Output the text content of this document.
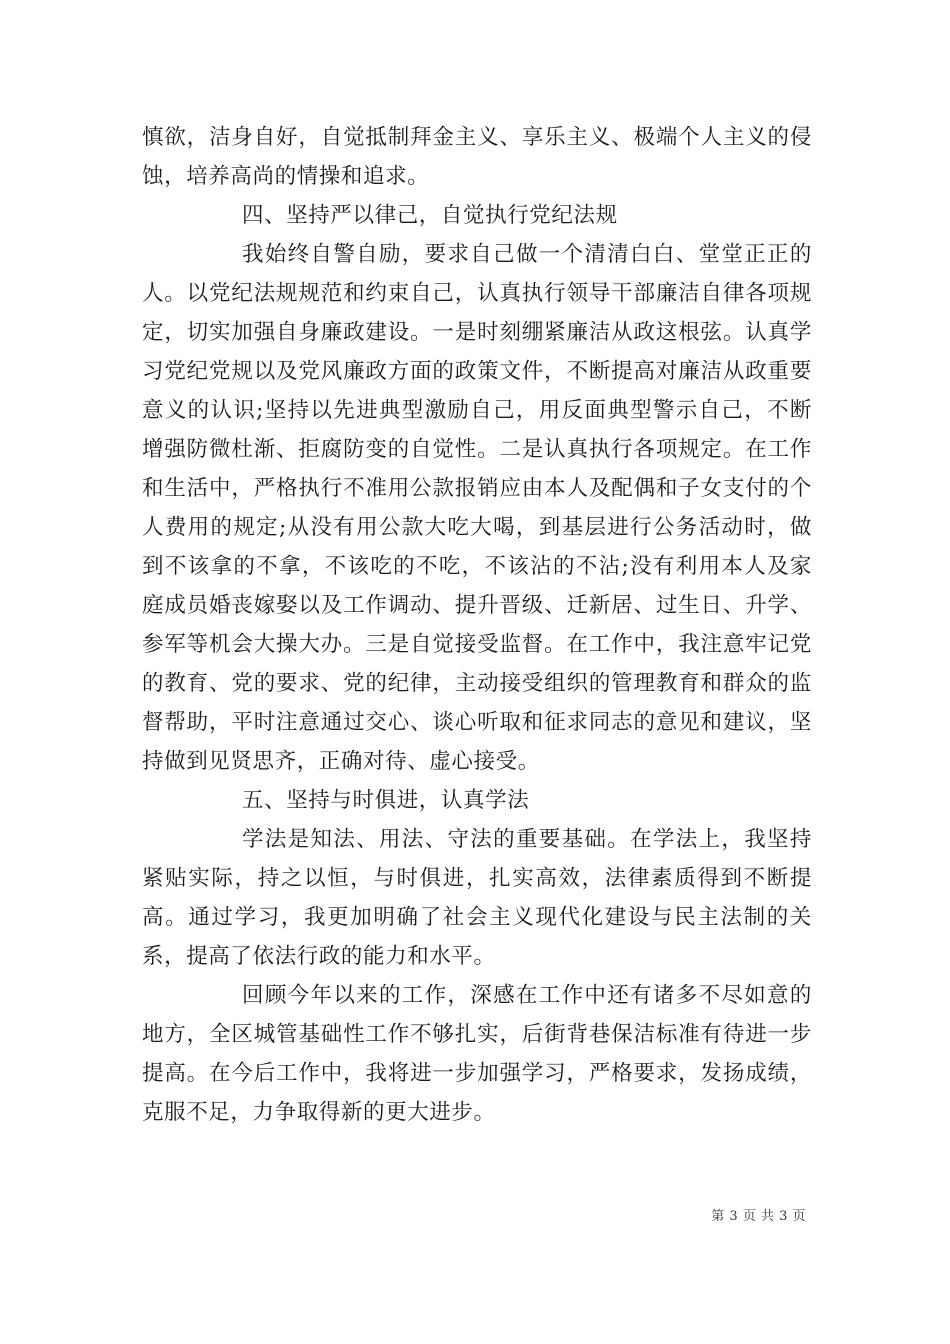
慎欲，洁身自好，自觉抵制拜金主义、享乐主义、极端个人主义的侵蚀，培养高尚的情操和追求。

四、坚持严以律己，自觉执行党纪法规

我始终自警自励，要求自己做一个清清白白、堂堂正正的人。以党纪法规规范和约束自己，认真执行领导干部廉洁自律各项规定，切实加强自身廉政建设。一是时刻绷紧廉洁从政这根弦。认真学习党纪党规以及党风廉政方面的政策文件，不断提高对廉洁从政重要意义的认识;坚持以先进典型激励自己，用反面典型警示自己，不断增强防微杜渐、拒腐防变的自觉性。二是认真执行各项规定。在工作和生活中，严格执行不准用公款报销应由本人及配偶和子女支付的个人费用的规定;从没有用公款大吃大喝，到基层进行公务活动时，做到不该拿的不拿，不该吃的不吃，不该沾的不沾;没有利用本人及家庭成员婚丧嫁娶以及工作调动、提升晋级、迁新居、过生日、升学、参军等机会大操大办。三是自觉接受监督。在工作中，我注意牢记党的教育、党的要求、党的纪律，主动接受组织的管理教育和群众的监督帮助，平时注意通过交心、谈心听取和征求同志的意见和建议，坚持做到见贤思齐，正确对待、虚心接受。

五、坚持与时俱进，认真学法

学法是知法、用法、守法的重要基础。在学法上，我坚持紧贴实际，持之以恒，与时俱进，扎实高效，法律素质得到不断提高。通过学习，我更加明确了社会主义现代化建设与民主法制的关系，提高了依法行政的能力和水平。

回顾今年以来的工作，深感在工作中还有诸多不尽如意的地方，全区城管基础性工作不够扎实，后街背巷保洁标准有待进一步提高。在今后工作中，我将进一步加强学习，严格要求，发扬成绩，克服不足，力争取得新的更大进步。

第 3 页 共 3 页
